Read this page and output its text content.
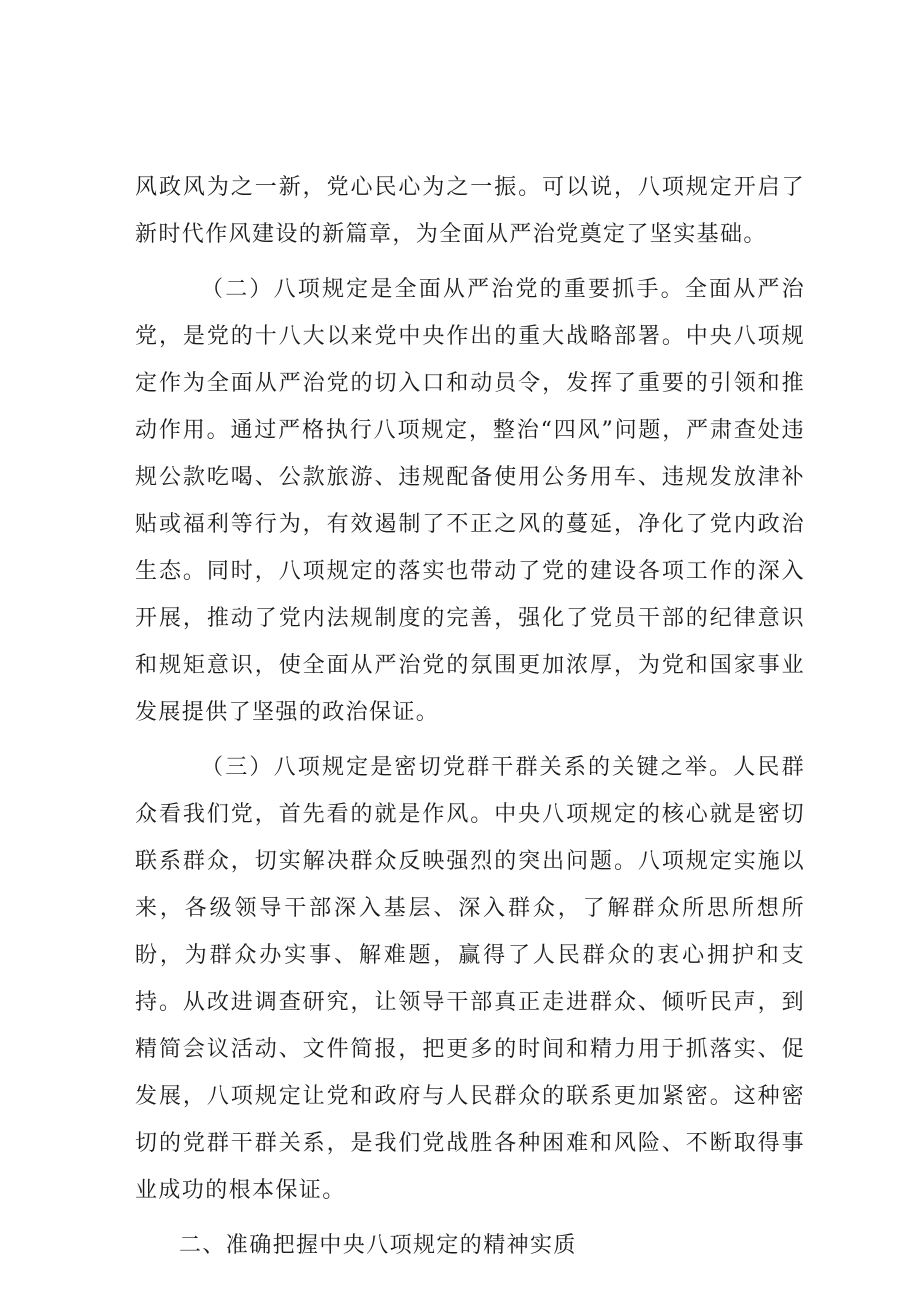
风政风为之一新，党心民心为之一振。可以说，八项规定开启了新时代作风建设的新篇章，为全面从严治党奠定了坚实基础。

（二）八项规定是全面从严治党的重要抓手。全面从严治党，是党的十八大以来党中央作出的重大战略部署。中央八项规定作为全面从严治党的切入口和动员令，发挥了重要的引领和推动作用。通过严格执行八项规定，整治“四风”问题，严肃查处违规公款吃喝、公款旅游、违规配备使用公务用车、违规发放津补贴或福利等行为，有效遏制了不正之风的蔓延，净化了党内政治生态。同时，八项规定的落实也带动了党的建设各项工作的深入开展，推动了党内法规制度的完善，强化了党员干部的纪律意识和规矩意识，使全面从严治党的氛围更加浓厚，为党和国家事业发展提供了坚强的政治保证。

（三）八项规定是密切党群干群关系的关键之举。人民群众看我们党，首先看的就是作风。中央八项规定的核心就是密切联系群众，切实解决群众反映强烈的突出问题。八项规定实施以来，各级领导干部深入基层、深入群众，了解群众所思所想所盼，为群众办实事、解难题，赢得了人民群众的衷心拥护和支持。从改进调查研究，让领导干部真正走进群众、倾听民声，到精简会议活动、文件简报，把更多的时间和精力用于抓落实、促发展，八项规定让党和政府与人民群众的联系更加紧密。这种密切的党群干群关系，是我们党战胜各种困难和风险、不断取得事业成功的根本保证。

二、准确把握中央八项规定的精神实质
